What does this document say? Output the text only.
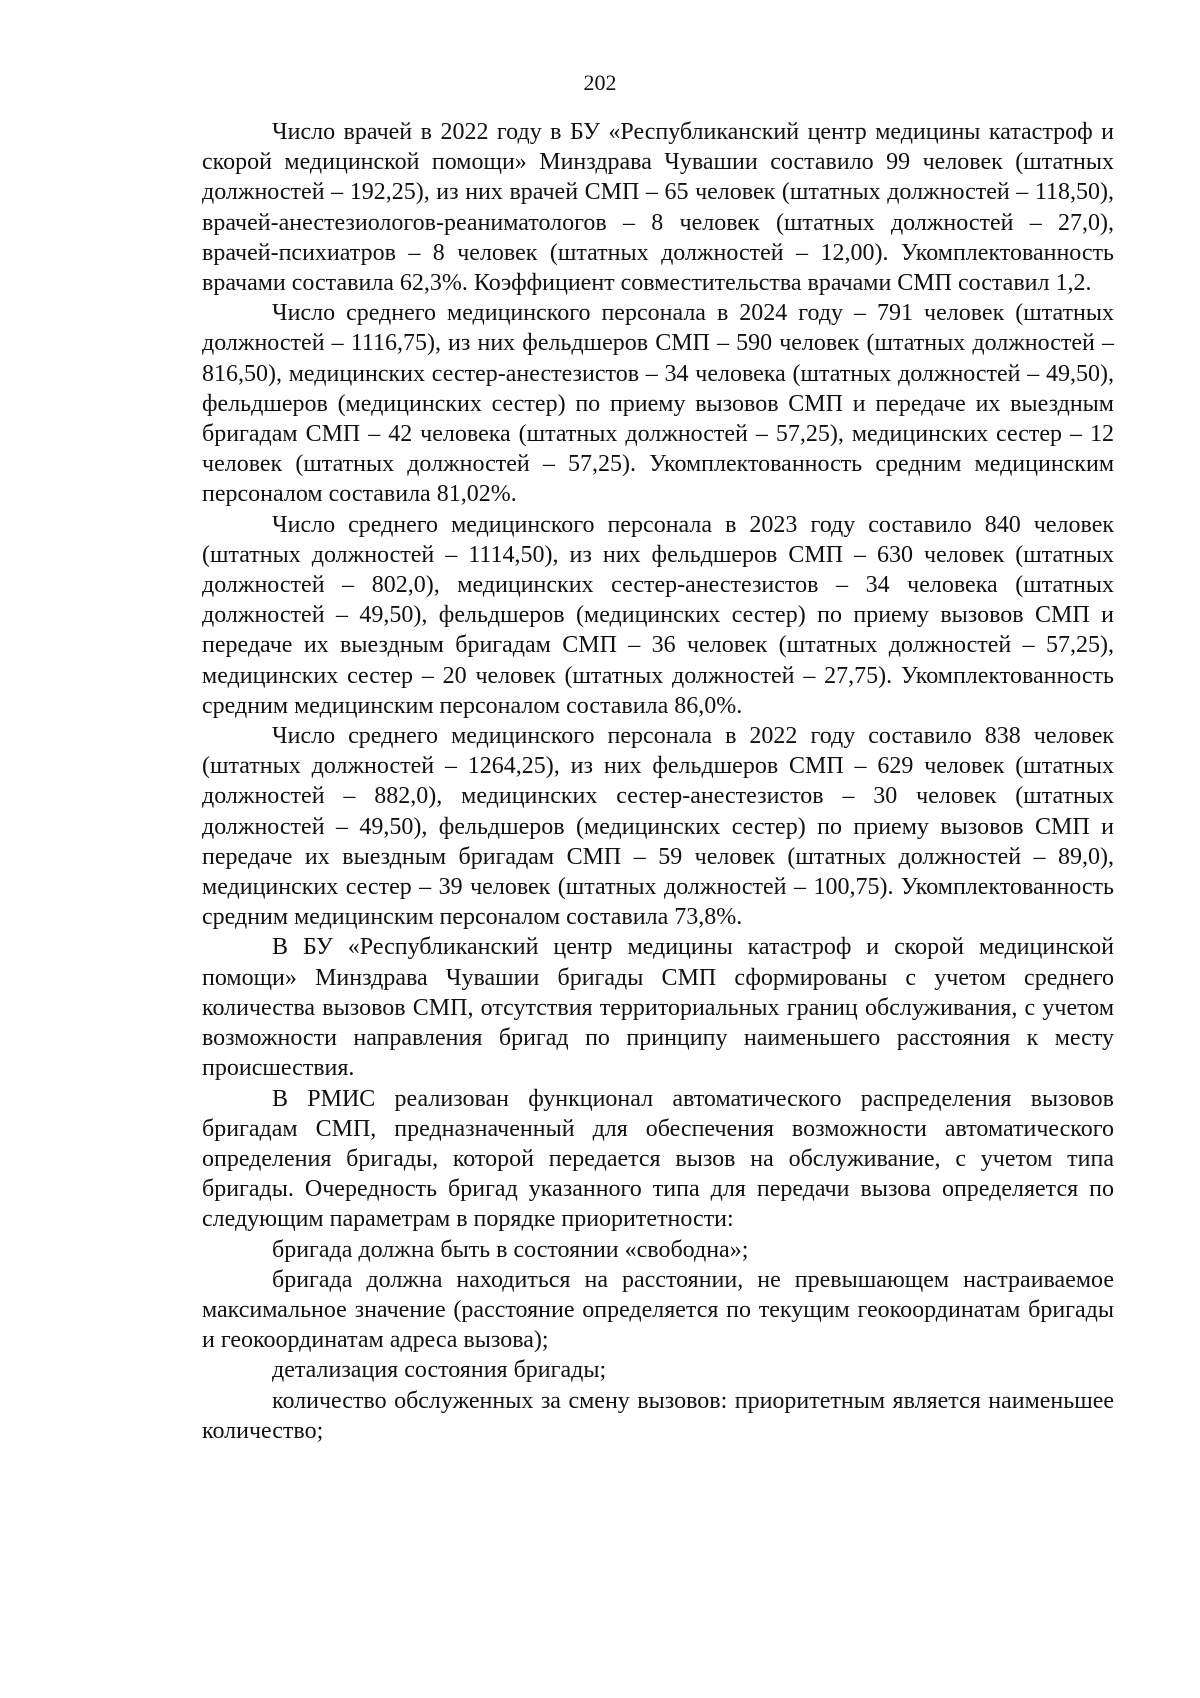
202

Число врачей в 2022 году в БУ «Республиканский центр медицины катастроф и скорой медицинской помощи» Минздрава Чувашии составило 99 человек (штатных должностей – 192,25), из них врачей СМП – 65 человек (штатных должностей – 118,50), врачей-анестезиологов-реаниматологов – 8 человек (штатных должностей – 27,0), врачей-психиатров – 8 человек (штатных должностей – 12,00). Укомплектованность врачами составила 62,3%. Коэффициент совместительства врачами СМП составил 1,2.

Число среднего медицинского персонала в 2024 году – 791 человек (штатных должностей – 1116,75), из них фельдшеров СМП – 590 человек (штатных должностей – 816,50), медицинских сестер-анестезистов – 34 человека (штатных должностей – 49,50), фельдшеров (медицинских сестер) по приему вызовов СМП и передаче их выездным бригадам СМП – 42 человека (штатных должностей – 57,25), медицинских сестер – 12 человек (штатных должностей – 57,25). Укомплектованность средним медицинским персоналом составила 81,02%.

Число среднего медицинского персонала в 2023 году составило 840 человек (штатных должностей – 1114,50), из них фельдшеров СМП – 630 человек (штатных должностей – 802,0), медицинских сестер-анестезистов – 34 человека (штатных должностей – 49,50), фельдшеров (медицинских сестер) по приему вызовов СМП и передаче их выездным бригадам СМП – 36 человек (штатных должностей – 57,25), медицинских сестер – 20 человек (штатных должностей – 27,75). Укомплектованность средним медицинским персоналом составила 86,0%.

Число среднего медицинского персонала в 2022 году составило 838 человек (штатных должностей – 1264,25), из них фельдшеров СМП – 629 человек (штатных должностей – 882,0), медицинских сестер-анестезистов – 30 человек (штатных должностей – 49,50), фельдшеров (медицинских сестер) по приему вызовов СМП и передаче их выездным бригадам СМП – 59 человек (штатных должностей – 89,0), медицинских сестер – 39 человек (штатных должностей – 100,75). Укомплектованность средним медицинским персоналом составила 73,8%.

В БУ «Республиканский центр медицины катастроф и скорой медицинской помощи» Минздрава Чувашии бригады СМП сформированы с учетом среднего количества вызовов СМП, отсутствия территориальных границ обслуживания, с учетом возможности направления бригад по принципу наименьшего расстояния к месту происшествия.

В РМИС реализован функционал автоматического распределения вызовов бригадам СМП, предназначенный для обеспечения возможности автоматического определения бригады, которой передается вызов на обслуживание, с учетом типа бригады. Очередность бригад указанного типа для передачи вызова определяется по следующим параметрам в порядке приоритетности:

бригада должна быть в состоянии «свободна»;

бригада должна находиться на расстоянии, не превышающем настраиваемое максимальное значение (расстояние определяется по текущим геокоординатам бригады и геокоординатам адреса вызова);

детализация состояния бригады;

количество обслуженных за смену вызовов: приоритетным является наименьшее количество;
